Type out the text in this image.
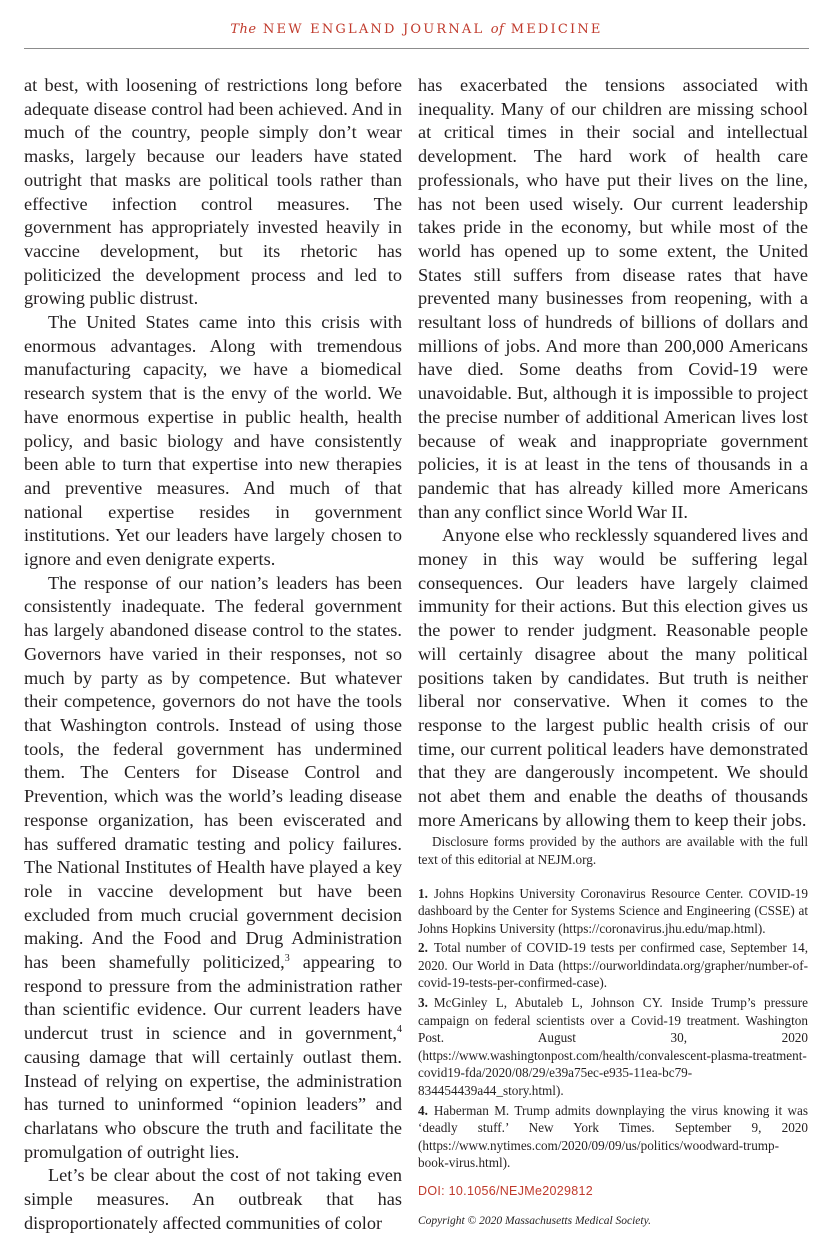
The NEW ENGLAND JOURNAL of MEDICINE

at best, with loosening of restrictions long before adequate disease control had been achieved. And in much of the country, people simply don’t wear masks, largely because our leaders have stated outright that masks are political tools rather than effective infection control measures. The government has appropriately invested heavily in vaccine development, but its rhetoric has politicized the development process and led to growing public distrust.

The United States came into this crisis with enormous advantages. Along with tremendous manufacturing capacity, we have a biomedical research system that is the envy of the world. We have enormous expertise in public health, health policy, and basic biology and have consistently been able to turn that expertise into new therapies and preventive measures. And much of that national expertise resides in government institutions. Yet our leaders have largely chosen to ignore and even denigrate experts.

The response of our nation’s leaders has been consistently inadequate. The federal government has largely abandoned disease control to the states. Governors have varied in their responses, not so much by party as by competence. But whatever their competence, governors do not have the tools that Washington controls. Instead of using those tools, the federal government has undermined them. The Centers for Disease Control and Prevention, which was the world’s leading disease response organization, has been eviscerated and has suffered dramatic testing and policy failures. The National Institutes of Health have played a key role in vaccine development but have been excluded from much crucial government decision making. And the Food and Drug Administration has been shamefully politicized,$^3$ appearing to respond to pressure from the administration rather than scientific evidence. Our current leaders have undercut trust in science and in government,$^4$ causing damage that will certainly outlast them. Instead of relying on expertise, the administration has turned to uninformed “opinion leaders” and charlatans who obscure the truth and facilitate the promulgation of outright lies.

Let’s be clear about the cost of not taking even simple measures. An outbreak that has disproportionately affected communities of color

has exacerbated the tensions associated with inequality. Many of our children are missing school at critical times in their social and intellectual development. The hard work of health care professionals, who have put their lives on the line, has not been used wisely. Our current leadership takes pride in the economy, but while most of the world has opened up to some extent, the United States still suffers from disease rates that have prevented many businesses from reopening, with a resultant loss of hundreds of billions of dollars and millions of jobs. And more than 200,000 Americans have died. Some deaths from Covid-19 were unavoidable. But, although it is impossible to project the precise number of additional American lives lost because of weak and inappropriate government policies, it is at least in the tens of thousands in a pandemic that has already killed more Americans than any conflict since World War II.

Anyone else who recklessly squandered lives and money in this way would be suffering legal consequences. Our leaders have largely claimed immunity for their actions. But this election gives us the power to render judgment. Reasonable people will certainly disagree about the many political positions taken by candidates. But truth is neither liberal nor conservative. When it comes to the response to the largest public health crisis of our time, our current political leaders have demonstrated that they are dangerously incompetent. We should not abet them and enable the deaths of thousands more Americans by allowing them to keep their jobs.

Disclosure forms provided by the authors are available with the full text of this editorial at NEJM.org.

1. Johns Hopkins University Coronavirus Resource Center. COVID-19 dashboard by the Center for Systems Science and Engineering (CSSE) at Johns Hopkins University (https://coronavirus.jhu.edu/map.html).
2. Total number of COVID-19 tests per confirmed case, September 14, 2020. Our World in Data (https://ourworldindata.org/grapher/number-of-covid-19-tests-per-confirmed-case).
3. McGinley L, Abutaleb L, Johnson CY. Inside Trump’s pressure campaign on federal scientists over a Covid-19 treatment. Washington Post. August 30, 2020 (https://www.washingtonpost.com/health/convalescent-plasma-treatment-covid19-fda/2020/08/29/e39a75ec-e935-11ea-bc79-834454439a44_story.html).
4. Haberman M. Trump admits downplaying the virus knowing it was ‘deadly stuff.’ New York Times. September 9, 2020 (https://www.nytimes.com/2020/09/09/us/politics/woodward-trump-book-virus.html).
DOI: 10.1056/NEJMe2029812
Copyright © 2020 Massachusetts Medical Society.
